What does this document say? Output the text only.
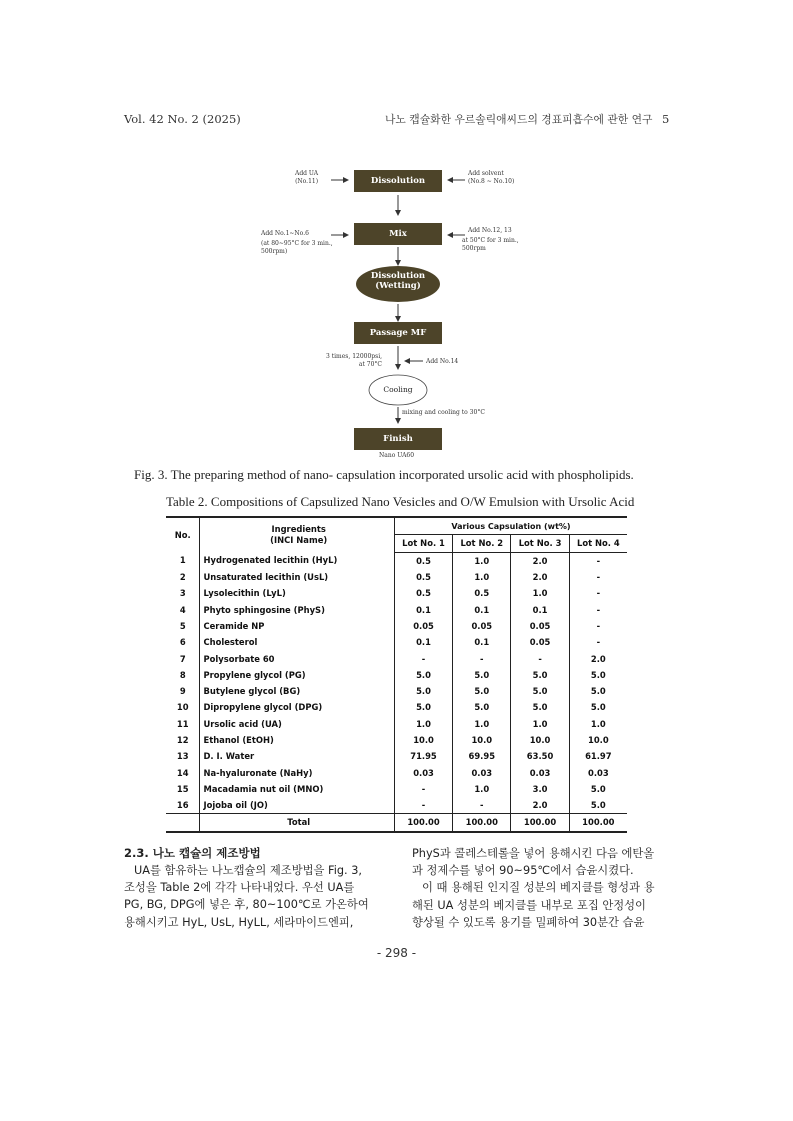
Vol. 42 No. 2 (2025)	나노 캡슐화한 우르솔릭애씨드의 경표피흡수에 관한 연구 5
Dissolution
Mix
Dissolution
(Wetting)
Passage MF
Cooling
Finish
Add UA
(No.11)
Add solvent
(No.8 ~ No.10)
Add No.1~No.6
(at 80~95°C for 3 min.,
500rpm)
Add No.12, 13
at 50°C for 3 min.,
500rpm
3 times, 12000psi,
at 70°C	Add No.14
mixing and cooling to 30°C
Nano UA60
Fig. 3. The preparing method of nano- capsulation incorporated ursolic acid with phospholipids.
Table 2. Compositions of Capsulized Nano Vesicles and O/W Emulsion with Ursolic Acid
No.	Ingredients
(INCI Name)	Various Capsulation (wt%)			
		Lot No. 1	Lot No. 2	Lot No. 3	Lot No. 4
1	Hydrogenated lecithin (HyL)	0.5	1.0	2.0	-
2	Unsaturated lecithin (UsL)	0.5	1.0	2.0	-
3	Lysolecithin (LyL)	0.5	0.5	1.0	-
4	Phyto sphingosine (PhyS)	0.1	0.1	0.1	-
5	Ceramide NP	0.05	0.05	0.05	-
6	Cholesterol	0.1	0.1	0.05	-
7	Polysorbate 60	-	-	-	2.0
8	Propylene glycol (PG)	5.0	5.0	5.0	5.0
9	Butylene glycol (BG)	5.0	5.0	5.0	5.0
10	Dipropylene glycol (DPG)	5.0	5.0	5.0	5.0
11	Ursolic acid (UA)	1.0	1.0	1.0	1.0
12	Ethanol (EtOH)	10.0	10.0	10.0	10.0
13	D. I. Water	71.95	69.95	63.50	61.97
14	Na-hyaluronate (NaHy)	0.03	0.03	0.03	0.03
15	Macadamia nut oil (MNO)	-	1.0	3.0	5.0
16	Jojoba oil (JO)	-	-	2.0	5.0
	Total	100.00	100.00	100.00	100.00
2.3. 나노 캡슐의 제조방법
UA를 함유하는 나노캡슐의 제조방법을 Fig. 3,
조성을 Table 2에 각각 나타내었다. 우선 UA를
PG, BG, DPG에 넣은 후, 80~100℃로 가온하여
용해시키고 HyL, UsL, HyLL, 세라마이드엔피,
PhyS과 콜레스테롤을 넣어 용해시킨 다음 에탄올
과 정제수를 넣어 90~95℃에서 습윤시켰다.
이 때 용해된 인지질 성분의 베지클를 형성과 용
해된 UA 성분의 베지클를 내부로 포집 안정성이
향상될 수 있도록 용기를 밀폐하여 30분간 습윤
- 298 -
